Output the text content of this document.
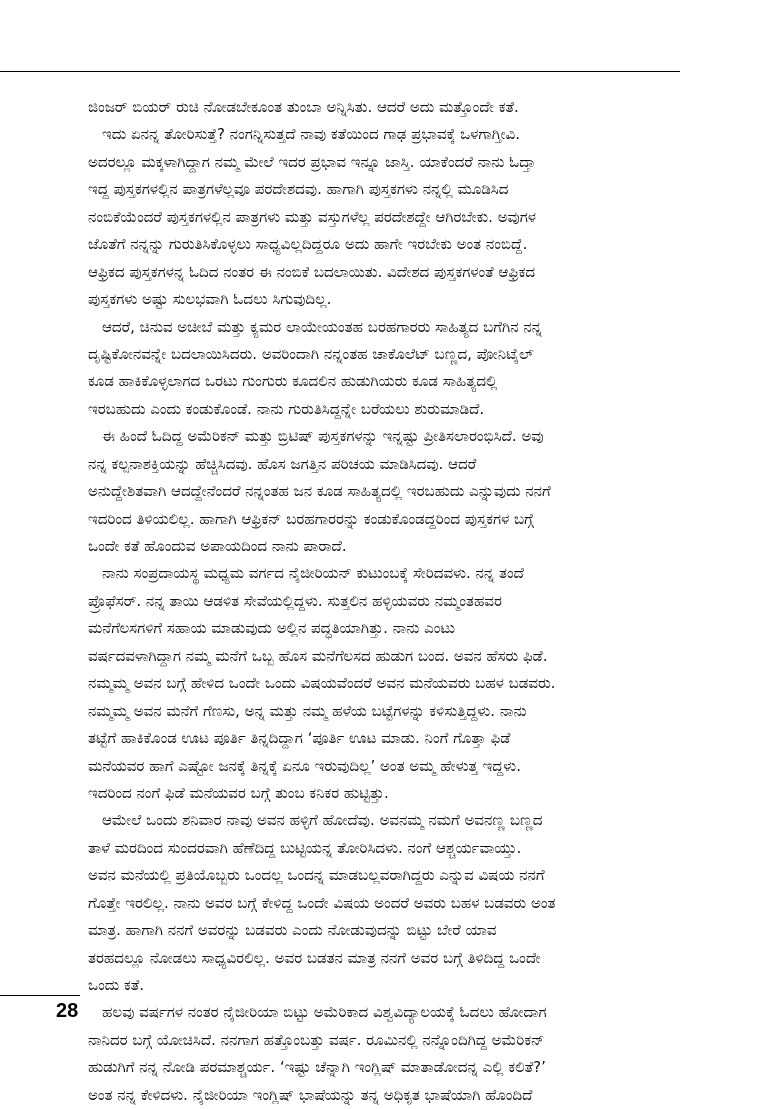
ಜಿಂಜರ್ ಬಿಯರ್ ರುಚಿ ನೋಡಬೇಕೂಂತ ತುಂಬಾ ಅನ್ನಿಸಿತು. ಆದರೆ ಅದು ಮತ್ತೊಂದೇ ಕತೆ.
ಇದು ಏನನ್ನ ತೋರಿಸುತ್ತೆ? ನಂಗನ್ನಿಸುತ್ತದೆ ನಾವು ಕತೆಯಿಂದ ಗಾಢ ಪ್ರಭಾವಕ್ಕೆ ಒಳಗಾಗ್ತೀವಿ.
ಅದರಲ್ಲೂ ಮಕ್ಕಳಾಗಿದ್ದಾಗ ನಮ್ಮ ಮೇಲೆ ಇದರ ಪ್ರಭಾವ ಇನ್ನೂ ಜಾಸ್ತಿ. ಯಾಕೆಂದರೆ ನಾನು ಓದ್ತಾ
ಇದ್ದ ಪುಸ್ತಕಗಳಲ್ಲಿನ ಪಾತ್ರಗಳೆಲ್ಲವೂ ಪರದೇಶದವು. ಹಾಗಾಗಿ ಪುಸ್ತಕಗಳು ನನ್ನಲ್ಲಿ ಮೂಡಿಸಿದ
ನಂಬಿಕೆಯೆಂದರೆ ಪುಸ್ತಕಗಳಲ್ಲಿನ ಪಾತ್ರಗಳು ಮತ್ತು ವಸ್ತುಗಳೆಲ್ಲ ಪರದೇಶದ್ದೇ ಆಗಿರಬೇಕು. ಅವುಗಳ
ಜೊತೆಗೆ ನನ್ನನ್ನು ಗುರುತಿಸಿಕೊಳ್ಳಲು ಸಾಧ್ಯವಿಲ್ಲದಿದ್ದರೂ ಅದು ಹಾಗೇ ಇರಬೇಕು ಅಂತ ನಂಬಿದ್ದೆ.
ಆಫ್ರಿಕದ ಪುಸ್ತಕಗಳನ್ನ ಓದಿದ ನಂತರ ಈ ನಂಬಿಕೆ ಬದಲಾಯಿತು. ವಿದೇಶದ ಪುಸ್ತಕಗಳಂತೆ ಆಫ್ರಿಕದ
ಪುಸ್ತಕಗಳು ಅಷ್ಟು ಸುಲಭವಾಗಿ ಓದಲು ಸಿಗುವುದಿಲ್ಲ.
ಆದರೆ, ಚಿನುವ ಅಚೀಬೆ ಮತ್ತು ಕ್ಯಮರ ಲಾಯೇಯಂತಹ ಬರಹಗಾರರು ಸಾಹಿತ್ಯದ ಬಗೆಗಿನ ನನ್ನ
ದೃಷ್ಟಿಕೋನವನ್ನೇ ಬದಲಾಯಿಸಿದರು. ಅವರಿಂದಾಗಿ ನನ್ನಂತಹ ಚಾಕೊಲೆಟ್ ಬಣ್ಣದ, ಪೋನಿಟೈಲ್
ಕೂಡ ಹಾಕಿಕೊಳ್ಳಲಾಗದ ಒರಟು ಗುಂಗುರು ಕೂದಲಿನ ಹುಡುಗಿಯರು ಕೂಡ ಸಾಹಿತ್ಯದಲ್ಲಿ
ಇರಬಹುದು ಎಂದು ಕಂಡುಕೊಂಡೆ. ನಾನು ಗುರುತಿಸಿದ್ದನ್ನೇ ಬರೆಯಲು ಶುರುಮಾಡಿದೆ.
ಈ ಹಿಂದೆ ಓದಿದ್ದ ಅಮೆರಿಕನ್ ಮತ್ತು ಬ್ರಿಟಿಷ್ ಪುಸ್ತಕಗಳನ್ನು ಇನ್ನಷ್ಟು ಪ್ರೀತಿಸಲಾರಂಭಿಸಿದೆ. ಅವು
ನನ್ನ ಕಲ್ಪನಾಶಕ್ತಿಯನ್ನು ಹೆಚ್ಚಿಸಿದವು. ಹೊಸ ಜಗತ್ತಿನ ಪರಿಚಯ ಮಾಡಿಸಿದವು. ಆದರೆ
ಅನುದ್ದೇಶಿತವಾಗಿ ಆದದ್ದೇನೆಂದರೆ ನನ್ನಂತಹ ಜನ ಕೂಡ ಸಾಹಿತ್ಯದಲ್ಲಿ ಇರಬಹುದು ಎನ್ನುವುದು ನನಗೆ
ಇದರಿಂದ ತಿಳಿಯಲಿಲ್ಲ. ಹಾಗಾಗಿ ಆಫ್ರಿಕನ್ ಬರಹಗಾರರನ್ನು ಕಂಡುಕೊಂಡದ್ದರಿಂದ ಪುಸ್ತಕಗಳ ಬಗ್ಗೆ
ಒಂದೇ ಕತೆ ಹೊಂದುವ ಅಪಾಯದಿಂದ ನಾನು ಪಾರಾದೆ.
ನಾನು ಸಂಪ್ರದಾಯಸ್ಥ ಮಧ್ಯಮ ವರ್ಗದ ನೈಜೀರಿಯನ್ ಕುಟುಂಬಕ್ಕೆ ಸೇರಿದವಳು. ನನ್ನ ತಂದೆ
ಪ್ರೊಫೆಸರ್. ನನ್ನ ತಾಯಿ ಆಡಳಿತ ಸೇವೆಯಲ್ಲಿದ್ದಳು. ಸುತ್ತಲಿನ ಹಳ್ಳಿಯವರು ನಮ್ಮಂತಹವರ
ಮನೆಗೆಲಸಗಳಿಗೆ ಸಹಾಯ ಮಾಡುವುದು ಅಲ್ಲಿನ ಪದ್ಧತಿಯಾಗಿತ್ತು. ನಾನು ಎಂಟು
ವರ್ಷದವಳಾಗಿದ್ದಾಗ ನಮ್ಮ ಮನೆಗೆ ಒಬ್ಬ ಹೊಸ ಮನೆಗೆಲಸದ ಹುಡುಗ ಬಂದ. ಅವನ ಹೆಸರು ಫಿಡೆ.
ನಮ್ಮಮ್ಮ ಅವನ ಬಗ್ಗೆ ಹೇಳಿದ ಒಂದೇ ಒಂದು ವಿಷಯವೆಂದರೆ ಅವನ ಮನೆಯವರು ಬಹಳ ಬಡವರು.
ನಮ್ಮಮ್ಮ ಅವನ ಮನೆಗೆ ಗೆಣಸು, ಅನ್ನ ಮತ್ತು ನಮ್ಮ ಹಳೆಯ ಬಟ್ಟೆಗಳನ್ನು ಕಳಿಸುತ್ತಿದ್ದಳು. ನಾನು
ತಟ್ಟೆಗೆ ಹಾಕಿಕೊಂಡ ಊಟ ಪೂರ್ತಿ ತಿನ್ನದಿದ್ದಾಗ ‘ಪೂರ್ತಿ ಊಟ ಮಾಡು. ನಿಂಗೆ ಗೊತ್ತಾ ಫಿಡೆ
ಮನೆಯವರ ಹಾಗೆ ಎಷ್ಟೋ ಜನಕ್ಕೆ ತಿನ್ನಕ್ಕೆ ಏನೂ ಇರುವುದಿಲ್ಲ’ ಅಂತ ಅಮ್ಮ ಹೇಳುತ್ತ ಇದ್ದಳು.
ಇದರಿಂದ ನಂಗೆ ಫಿಡೆ ಮನೆಯವರ ಬಗ್ಗೆ ತುಂಬ ಕನಿಕರ ಹುಟ್ಟಿತ್ತು.
ಆಮೇಲೆ ಒಂದು ಶನಿವಾರ ನಾವು ಅವನ ಹಳ್ಳಿಗೆ ಹೋದೆವು. ಅವನಮ್ಮ ನಮಗೆ ಅವನಣ್ಣ ಬಣ್ಣದ
ತಾಳೆ ಮರದಿಂದ ಸುಂದರವಾಗಿ ಹೆಣೆದಿದ್ದ ಬುಟ್ಟಿಯನ್ನ ತೋರಿಸಿದಳು. ನಂಗೆ ಆಶ್ಚರ್ಯವಾಯ್ತು.
ಅವನ ಮನೆಯಲ್ಲಿ ಪ್ರತಿಯೊಬ್ಬರು ಒಂದಲ್ಲ ಒಂದನ್ನ ಮಾಡಬಲ್ಲವರಾಗಿದ್ದರು ಎನ್ನುವ ವಿಷಯ ನನಗೆ
ಗೊತ್ತೇ ಇರಲಿಲ್ಲ. ನಾನು ಅವರ ಬಗ್ಗೆ ಕೇಳಿದ್ದ ಒಂದೇ ವಿಷಯ ಅಂದರೆ ಅವರು ಬಹಳ ಬಡವರು ಅಂತ
ಮಾತ್ರ. ಹಾಗಾಗಿ ನನಗೆ ಅವರನ್ನು ಬಡವರು ಎಂದು ನೋಡುವುದನ್ನು ಬಿಟ್ಟು ಬೇರೆ ಯಾವ
ತರಹದಲ್ಲೂ ನೋಡಲು ಸಾಧ್ಯವಿರಲಿಲ್ಲ. ಅವರ ಬಡತನ ಮಾತ್ರ ನನಗೆ ಅವರ ಬಗ್ಗೆ ತಿಳಿದಿದ್ದ ಒಂದೇ
ಒಂದು ಕತೆ.
ಹಲವು ವರ್ಷಗಳ ನಂತರ ನೈಜೀರಿಯಾ ಬಿಟ್ಟು ಅಮೆರಿಕಾದ ವಿಶ್ವವಿದ್ಯಾಲಯಕ್ಕೆ ಓದಲು ಹೋದಾಗ
ನಾನಿದರ ಬಗ್ಗೆ ಯೋಚಿಸಿದೆ. ನನಗಾಗ ಹತ್ತೊಂಬತ್ತು ವರ್ಷ. ರೂಮಿನಲ್ಲಿ ನನ್ನೊಂದಿಗಿದ್ದ ಅಮೆರಿಕನ್
ಹುಡುಗಿಗೆ ನನ್ನ ನೋಡಿ ಪರಮಾಶ್ಚರ್ಯ. ‘ಇಷ್ಟು ಚೆನ್ನಾಗಿ ಇಂಗ್ಲಿಷ್ ಮಾತಾಡೋದನ್ನ ಎಲ್ಲಿ ಕಲಿತೆ?’
ಅಂತ ನನ್ನ ಕೇಳಿದಳು. ನೈಜೀರಿಯಾ ಇಂಗ್ಲಿಷ್ ಭಾಷೆಯನ್ನು ತನ್ನ ಅಧಿಕೃತ ಭಾಷೆಯಾಗಿ ಹೊಂದಿದೆ
28
